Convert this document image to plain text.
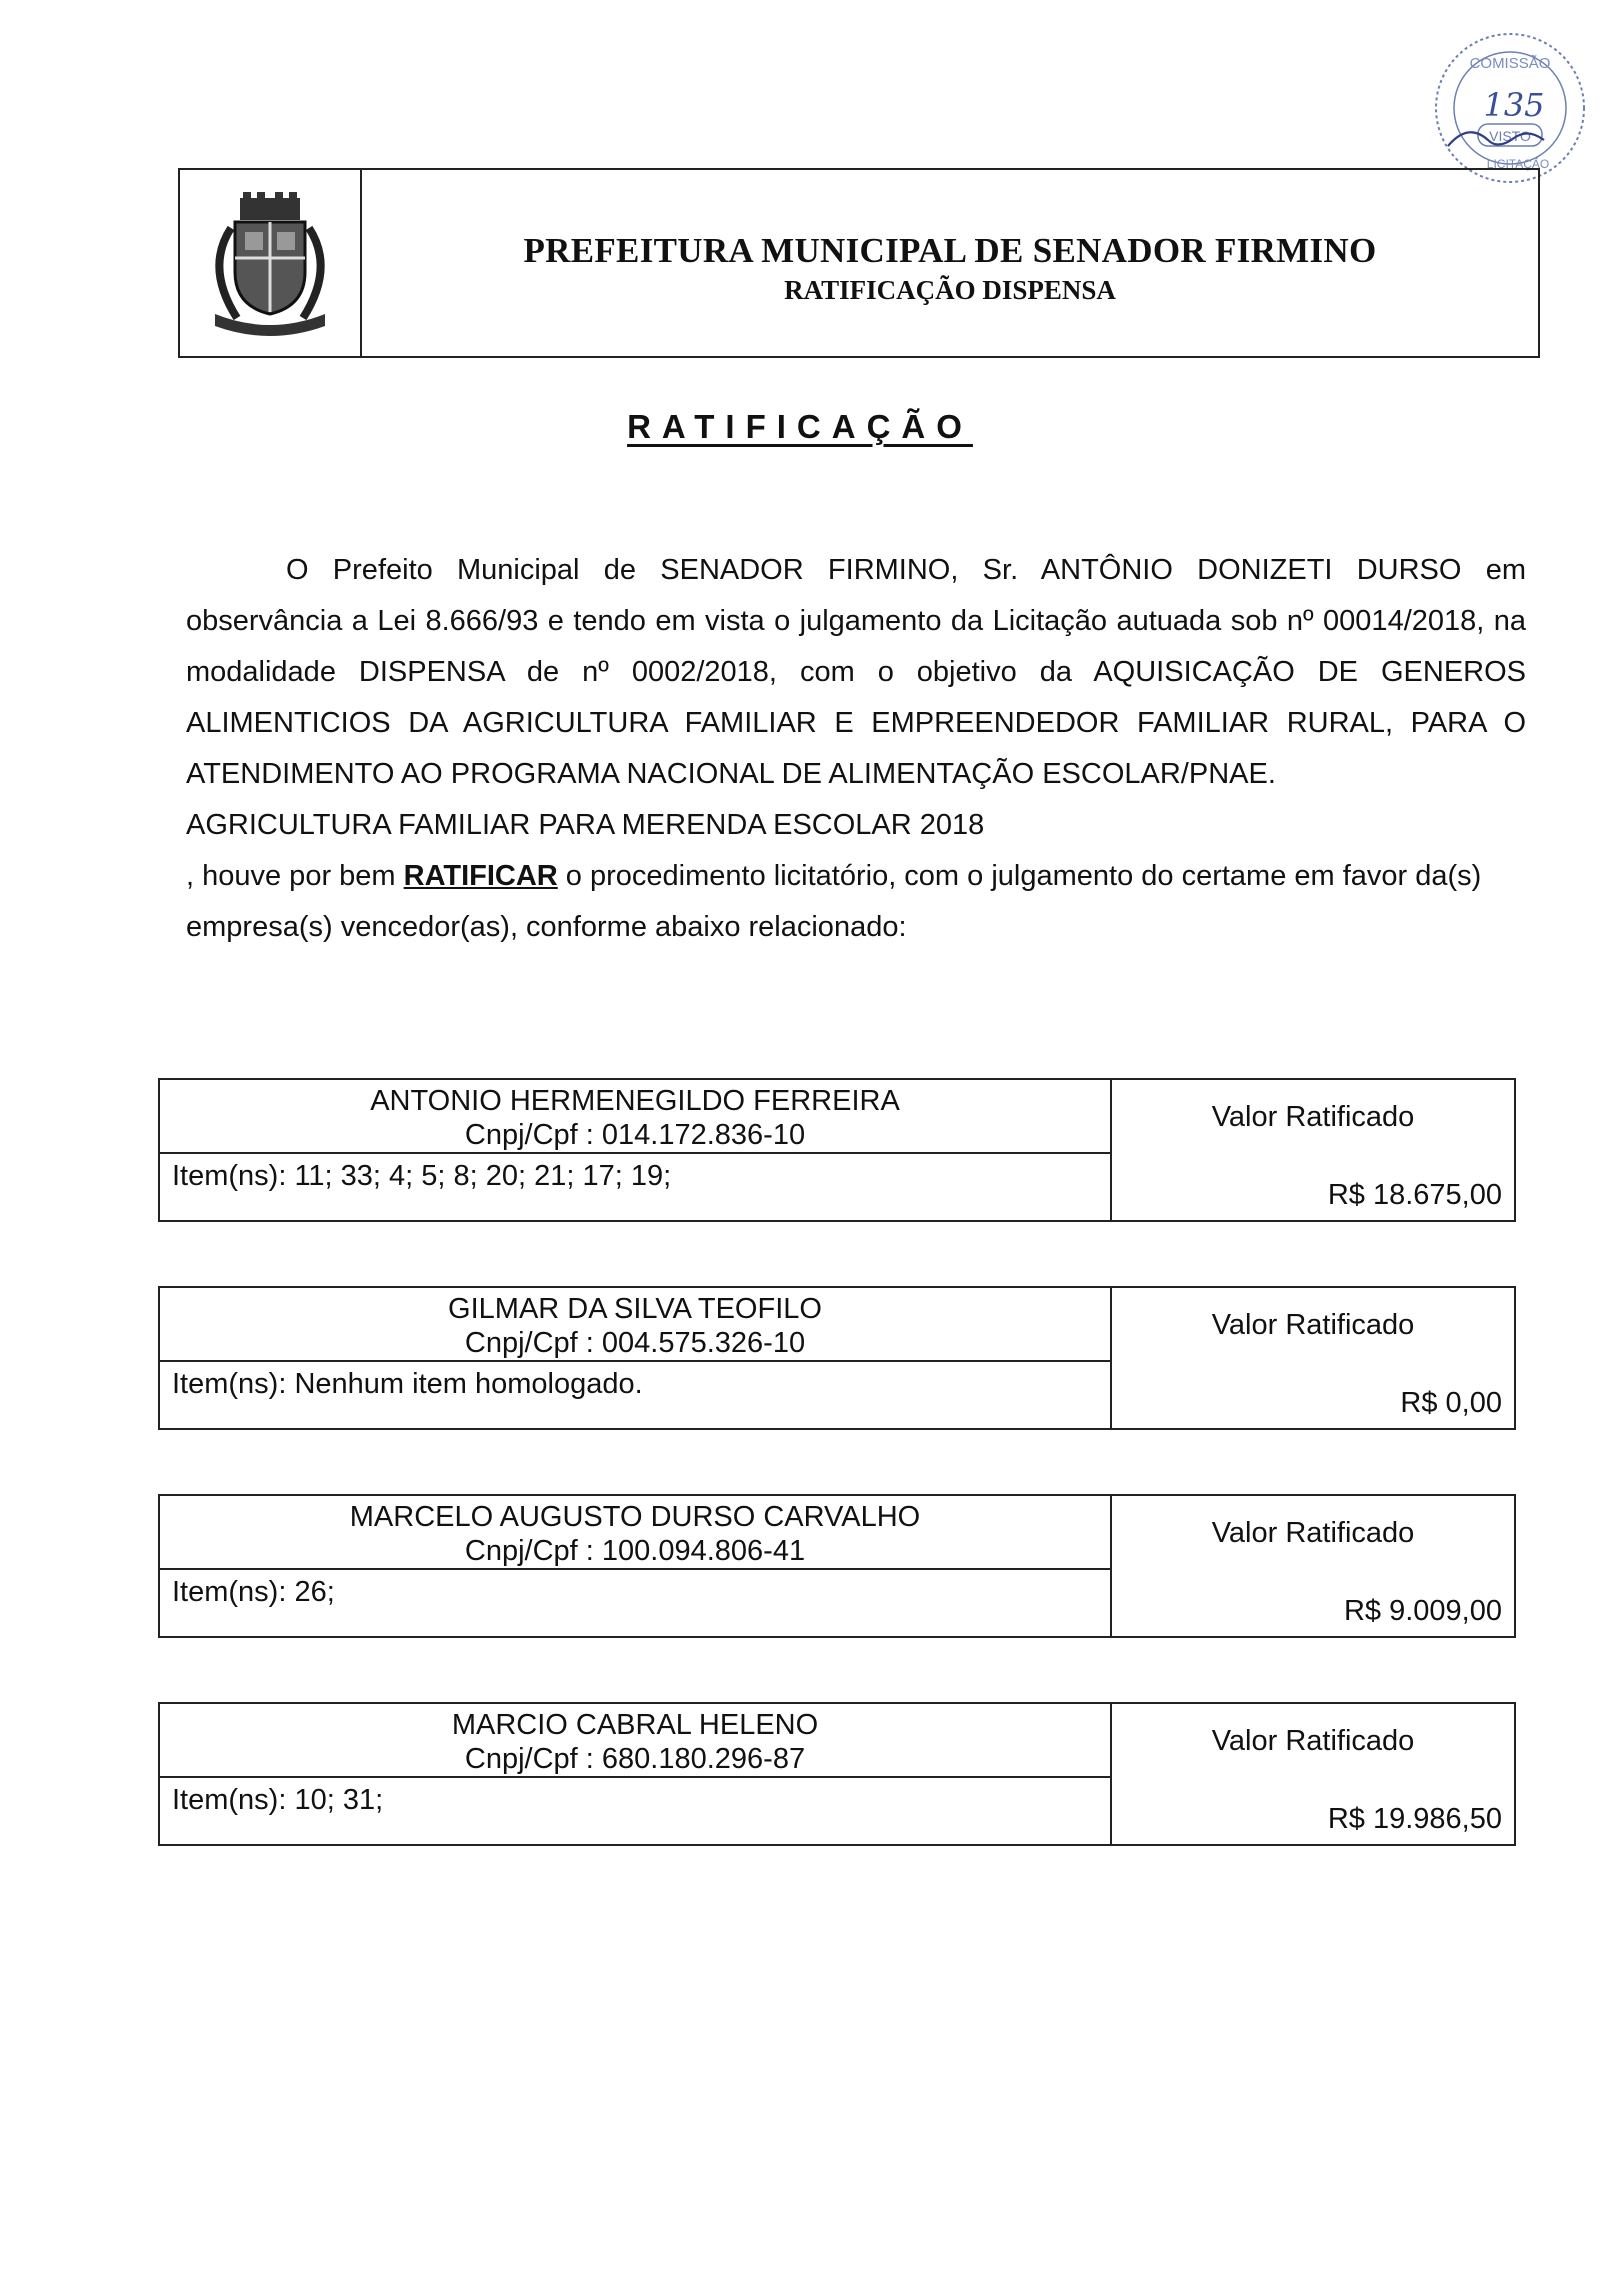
COMISSÃO
135
VISTO
LICITAÇÃO
PREFEITURA MUNICIPAL DE SENADOR FIRMINO
RATIFICAÇÃO DISPENSA
RATIFICAÇÃO

O Prefeito Municipal de SENADOR FIRMINO, Sr. ANTÔNIO DONIZETI DURSO em observância a Lei 8.666/93 e tendo em vista o julgamento da Licitação autuada sob nº 00014/2018, na modalidade DISPENSA de nº 0002/2018, com o objetivo da AQUISICAÇÃO DE GENEROS ALIMENTICIOS DA AGRICULTURA FAMILIAR E EMPREENDEDOR FAMILIAR RURAL, PARA O ATENDIMENTO AO PROGRAMA NACIONAL DE ALIMENTAÇÃO ESCOLAR/PNAE.

AGRICULTURA FAMILIAR PARA MERENDA ESCOLAR 2018

, houve por bem RATIFICAR o procedimento licitatório, com o julgamento do certame em favor da(s) empresa(s) vencedor(as), conforme abaixo relacionado:

ANTONIO HERMENEGILDO FERREIRA
Cnpj/Cpf : 014.172.836-10
Valor Ratificado
Item(ns): 11; 33; 4; 5; 8; 20; 21; 17; 19;
R$ 18.675,00
GILMAR DA SILVA TEOFILO
Cnpj/Cpf : 004.575.326-10
Valor Ratificado
Item(ns): Nenhum item homologado.
R$ 0,00
MARCELO AUGUSTO DURSO CARVALHO
Cnpj/Cpf : 100.094.806-41
Valor Ratificado
Item(ns): 26;
R$ 9.009,00
MARCIO CABRAL HELENO
Cnpj/Cpf : 680.180.296-87
Valor Ratificado
Item(ns): 10; 31;
R$ 19.986,50
